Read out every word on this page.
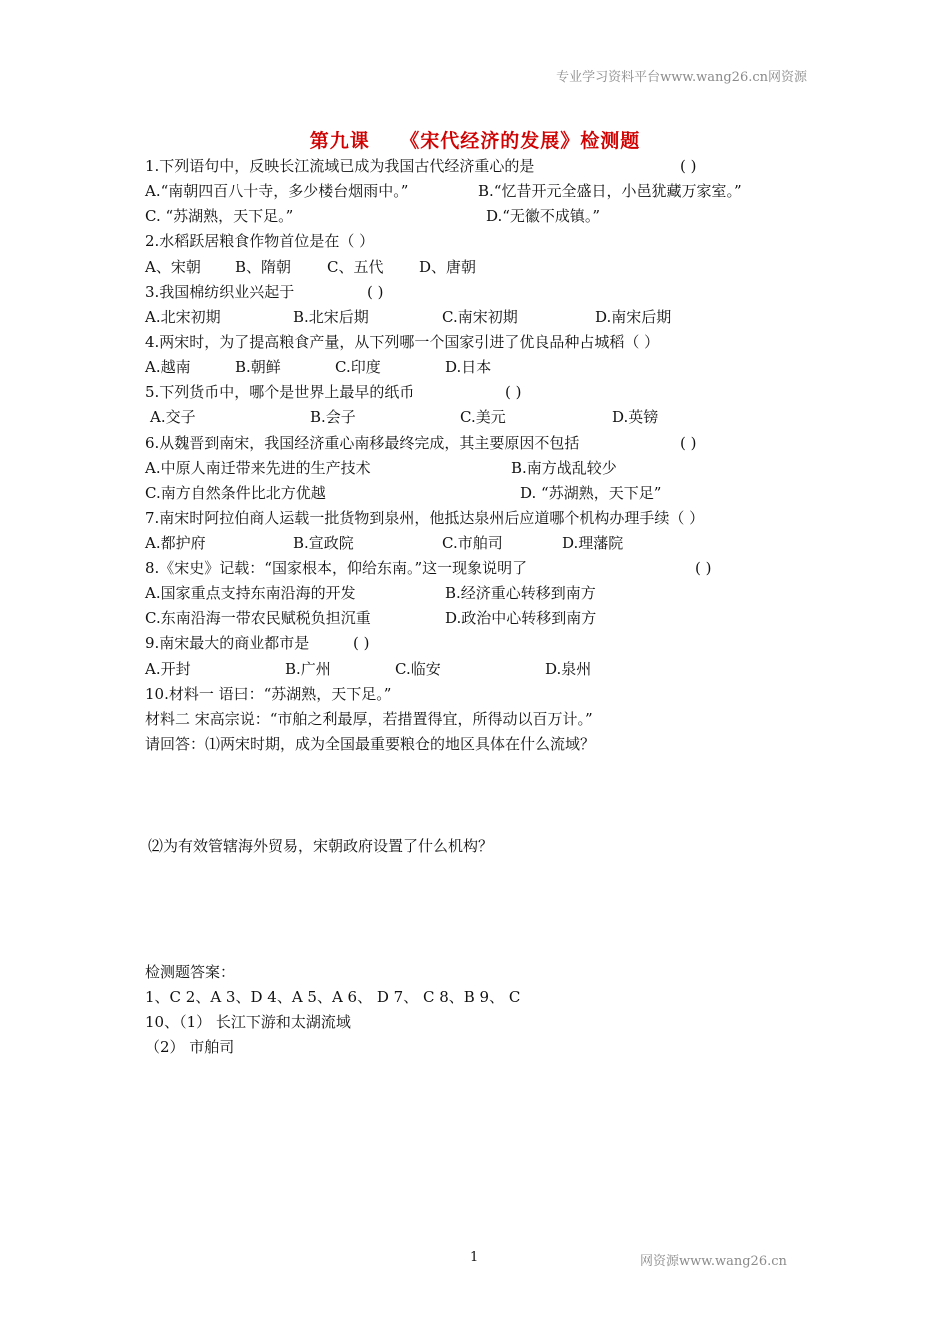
专业学习资料平台www.wang26.cn网资源
第九课    《宋代经济的发展》检测题
1.下列语句中，反映长江流域已成为我国古代经济重心的是	( )
A.“南朝四百八十寺，多少楼台烟雨中。”	B.“忆昔开元全盛日，小邑犹藏万家室。”
C. “苏湖熟，天下足。”	D.“无徽不成镇。”
2.水稻跃居粮食作物首位是在（ ）
A、宋朝 B、隋朝 C、五代 D、唐朝
3.我国棉纺织业兴起于	( )
A.北宋初期	B.北宋后期	C.南宋初期	D.南宋后期
4.两宋时，为了提高粮食产量，从下列哪一个国家引进了优良品种占城稻（ ）
A.越南	B.朝鲜	C.印度	D.日本
5.下列货币中，哪个是世界上最早的纸币	( )
A.交子	B.会子	C.美元	D.英镑
6.从魏晋到南宋，我国经济重心南移最终完成，其主要原因不包括	( )
A.中原人南迁带来先进的生产技术	B.南方战乱较少
C.南方自然条件比北方优越	D. “苏湖熟，天下足”
7.南宋时阿拉伯商人运载一批货物到泉州，他抵达泉州后应道哪个机构办理手续（ ）
A.都护府	B.宣政院	C.市舶司	D.理藩院
8.《宋史》记载：“国家根本，仰给东南。”这一现象说明了	( )
A.国家重点支持东南沿海的开发	B.经济重心转移到南方
C.东南沿海一带农民赋税负担沉重	D.政治中心转移到南方
9.南宋最大的商业都市是	( )
A.开封	B.广州	C.临安	D.泉州
10.材料一 语曰：“苏湖熟，天下足。”
材料二 宋高宗说：“市舶之利最厚，若措置得宜，所得动以百万计。”
请回答：⑴两宋时期，成为全国最重要粮仓的地区具体在什么流域？
⑵为有效管辖海外贸易，宋朝政府设置了什么机构？
检测题答案：
1、C 2、A 3、D 4、A 5、A 6、 D 7、 C 8、B 9、 C
10、（1） 长江下游和太湖流域
（2） 市舶司
1	网资源www.wang26.cn
